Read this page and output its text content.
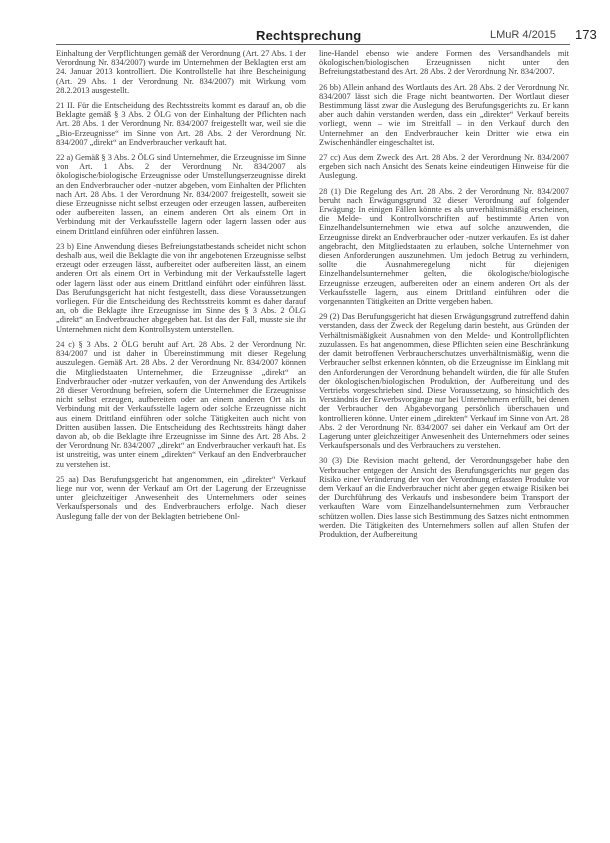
Rechtsprechung	LMuR 4/2015 173

Einhaltung der Verpflichtungen gemäß der Verordnung (Art. 27 Abs. 1 der Verordnung Nr. 834/2007) wurde im Unternehmen der Beklagten erst am 24. Januar 2013 kontrolliert. Die Kontrollstelle hat ihre Bescheinigung (Art. 29 Abs. 1 der Verordnung Nr. 834/2007) mit Wirkung vom 28.2.2013 ausgestellt.

21 II. Für die Entscheidung des Rechtsstreits kommt es darauf an, ob die Beklagte gemäß § 3 Abs. 2 ÖLG von der Einhaltung der Pflichten nach Art. 28 Abs. 1 der Verordnung Nr. 834/2007 freigestellt war, weil sie die „Bio-Erzeugnisse“ im Sinne von Art. 28 Abs. 2 der Verordnung Nr. 834/2007 „direkt“ an Endverbraucher verkauft hat.

22 a) Gemäß § 3 Abs. 2 ÖLG sind Unternehmer, die Erzeugnisse im Sinne von Art. 1 Abs. 2 der Verordnung Nr. 834/2007 als ökologische/biologische Erzeugnisse oder Umstellungserzeugnisse direkt an den Endverbraucher oder -nutzer abgeben, vom Einhalten der Pflichten nach Art. 28 Abs. 1 der Verordnung Nr. 834/2007 freigestellt, soweit sie diese Erzeugnisse nicht selbst erzeugen oder erzeugen lassen, aufbereiten oder aufbereiten lassen, an einem anderen Ort als einem Ort in Verbindung mit der Verkaufsstelle lagern oder lagern lassen oder aus einem Drittland einführen oder einführen lassen.

23 b) Eine Anwendung dieses Befreiungstatbestands scheidet nicht schon deshalb aus, weil die Beklagte die von ihr angebotenen Erzeugnisse selbst erzeugt oder erzeugen lässt, aufbereitet oder aufbereiten lässt, an einem anderen Ort als einem Ort in Verbindung mit der Verkaufsstelle lagert oder lagern lässt oder aus einem Drittland einführt oder einführen lässt. Das Berufungsgericht hat nicht festgestellt, dass diese Voraussetzungen vorliegen. Für die Entscheidung des Rechtsstreits kommt es daher darauf an, ob die Beklagte ihre Erzeugnisse im Sinne des § 3 Abs. 2 ÖLG „direkt“ an Endverbraucher abgegeben hat. Ist das der Fall, musste sie ihr Unternehmen nicht dem Kontrollsystem unterstellen.

24 c) § 3 Abs. 2 ÖLG beruht auf Art. 28 Abs. 2 der Verordnung Nr. 834/2007 und ist daher in Übereinstimmung mit dieser Regelung auszulegen. Gemäß Art. 28 Abs. 2 der Verordnung Nr. 834/2007 können die Mitgliedstaaten Unternehmer, die Erzeugnisse „direkt“ an Endverbraucher oder -nutzer verkaufen, von der Anwendung des Artikels 28 dieser Verordnung befreien, sofern die Unternehmer die Erzeugnisse nicht selbst erzeugen, aufbereiten oder an einem anderen Ort als in Verbindung mit der Verkaufsstelle lagern oder solche Erzeugnisse nicht aus einem Drittland einführen oder solche Tätigkeiten auch nicht von Dritten ausüben lassen. Die Entscheidung des Rechtsstreits hängt daher davon ab, ob die Beklagte ihre Erzeugnisse im Sinne des Art. 28 Abs. 2 der Verordnung Nr. 834/2007 „direkt“ an Endverbraucher verkauft hat. Es ist unstreitig, was unter einem „direkten“ Verkauf an den Endverbraucher zu verstehen ist.

25 aa) Das Berufungsgericht hat angenommen, ein „direkter“ Verkauf liege nur vor, wenn der Verkauf am Ort der Lagerung der Erzeugnisse unter gleichzeitiger Anwesenheit des Unternehmers oder seines Verkaufspersonals und des Endverbrauchers erfolge. Nach dieser Auslegung falle der von der Beklagten betriebene Onl-

line-Handel ebenso wie andere Formen des Versandhandels mit ökologischen/biologischen Erzeugnissen nicht unter den Befreiungstatbestand des Art. 28 Abs. 2 der Verordnung Nr. 834/2007.

26 bb) Allein anhand des Wortlauts des Art. 28 Abs. 2 der Verordnung Nr. 834/2007 lässt sich die Frage nicht beantworten. Der Wortlaut dieser Bestimmung lässt zwar die Auslegung des Berufungsgerichts zu. Er kann aber auch dahin verstanden werden, dass ein „direkter“ Verkauf bereits vorliegt, wenn – wie im Streitfall – in den Verkauf durch den Unternehmer an den Endverbraucher kein Dritter wie etwa ein Zwischenhändler eingeschaltet ist.

27 cc) Aus dem Zweck des Art. 28 Abs. 2 der Verordnung Nr. 834/2007 ergeben sich nach Ansicht des Senats keine eindeutigen Hinweise für die Auslegung.

28 (1) Die Regelung des Art. 28 Abs. 2 der Verordnung Nr. 834/2007 beruht nach Erwägungsgrund 32 dieser Verordnung auf folgender Erwägung: In einigen Fällen könnte es als unverhältnismäßig erscheinen, die Melde- und Kontrollvorschriften auf bestimmte Arten von Einzelhandelsunternehmen wie etwa auf solche anzuwenden, die Erzeugnisse direkt an Endverbraucher oder -nutzer verkaufen. Es ist daher angebracht, den Mitgliedstaaten zu erlauben, solche Unternehmer von diesen Anforderungen auszunehmen. Um jedoch Betrug zu verhindern, sollte die Ausnahmeregelung nicht für diejenigen Einzelhandelsunternehmer gelten, die ökologische/biologische Erzeugnisse erzeugen, aufbereiten oder an einem anderen Ort als der Verkaufsstelle lagern, aus einem Drittland einführen oder die vorgenannten Tätigkeiten an Dritte vergeben haben.

29 (2) Das Berufungsgericht hat diesen Erwägungsgrund zutreffend dahin verstanden, dass der Zweck der Regelung darin besteht, aus Gründen der Verhältnismäßigkeit Ausnahmen von den Melde- und Kontrollpflichten zuzulassen. Es hat angenommen, diese Pflichten seien eine Beschränkung der damit betroffenen Verbraucherschutzes unverhältnismäßig, wenn die Verbraucher selbst erkennen könnten, ob die Erzeugnisse im Einklang mit den Anforderungen der Verordnung behandelt würden, die für alle Stufen der ökologischen/biologischen Produktion, der Aufbereitung und des Vertriebs vorgeschrieben sind. Diese Voraussetzung, so hinsichtlich des Verständnis der Erwerbsvorgänge nur bei Unternehmern erfüllt, bei denen der Verbraucher den Abgabevorgang persönlich überschauen und kontrollieren könne. Unter einem „direkten“ Verkauf im Sinne von Art. 28 Abs. 2 der Verordnung Nr. 834/2007 sei daher ein Verkauf am Ort der Lagerung unter gleichzeitiger Anwesenheit des Unternehmers oder seines Verkaufspersonals und des Verbrauchers zu verstehen.

30 (3) Die Revision macht geltend, der Verordnungsgeber habe den Verbraucher entgegen der Ansicht des Berufungsgerichts nur gegen das Risiko einer Veränderung der von der Verordnung erfassten Produkte vor dem Verkauf an die Endverbraucher nicht aber gegen etwaige Risiken bei der Durchführung des Verkaufs und insbesondere beim Transport der verkauften Ware vom Einzelhandelsunternehmen zum Verbraucher schützen wollen. Dies lasse sich Bestimmung des Satzes nicht entnommen werden. Die Tätigkeiten des Unternehmers sollen auf allen Stufen der Produktion, der Aufbereitung
